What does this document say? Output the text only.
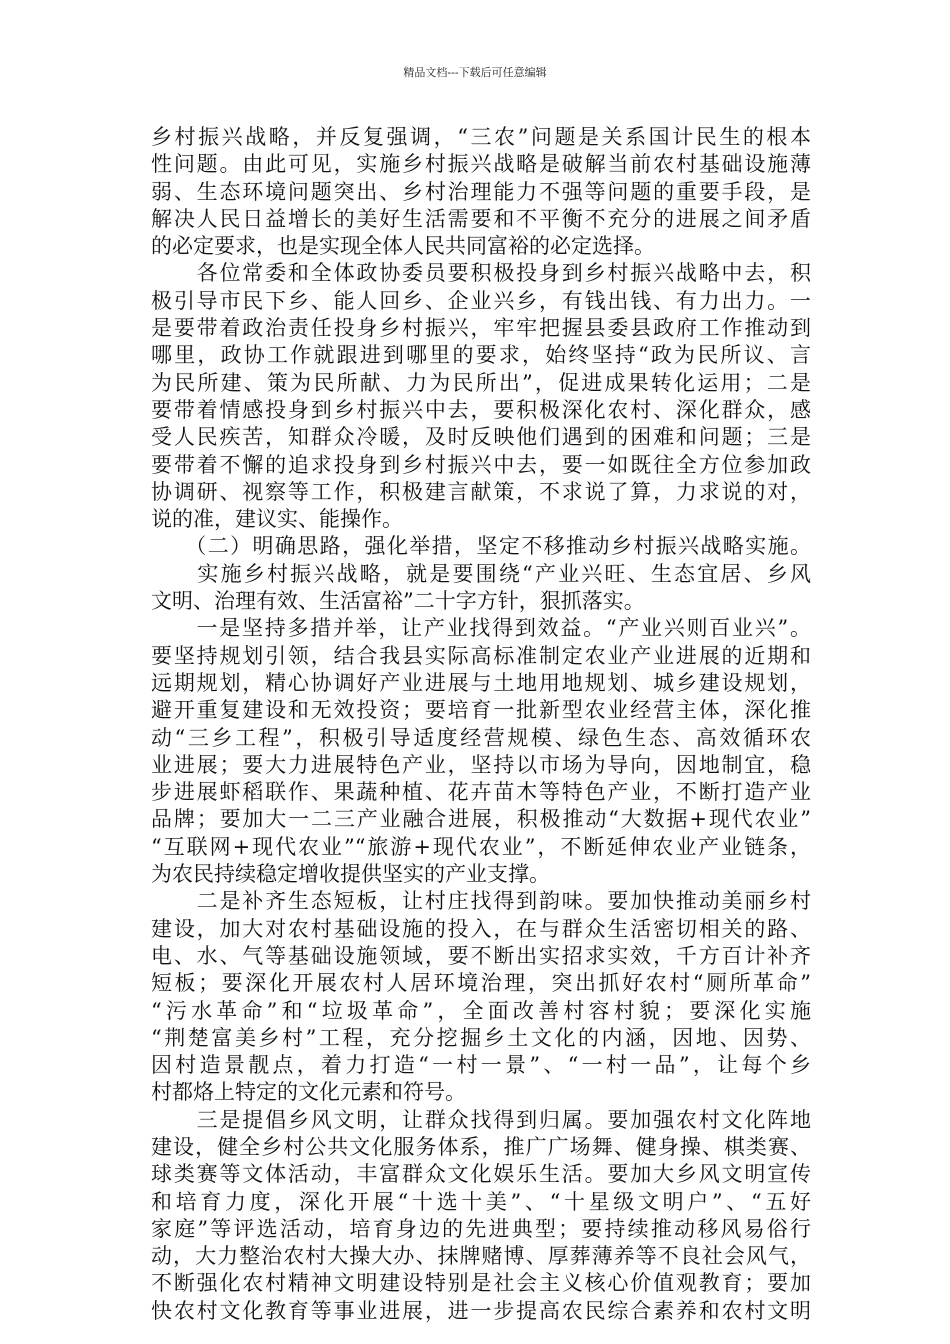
精品文档---下载后可任意编辑
乡村振兴战略，并反复强调，“三农”问题是关系国计民生的根本
性问题。由此可见，实施乡村振兴战略是破解当前农村基础设施薄
弱、生态环境问题突出、乡村治理能力不强等问题的重要手段，是
解决人民日益增长的美好生活需要和不平衡不充分的进展之间矛盾
的必定要求，也是实现全体人民共同富裕的必定选择。
　　各位常委和全体政协委员要积极投身到乡村振兴战略中去，积
极引导市民下乡、能人回乡、企业兴乡，有钱出钱、有力出力。一
是要带着政治责任投身乡村振兴，牢牢把握县委县政府工作推动到
哪里，政协工作就跟进到哪里的要求，始终坚持“政为民所议、言
为民所建、策为民所献、力为民所出”，促进成果转化运用；二是
要带着情感投身到乡村振兴中去，要积极深化农村、深化群众，感
受人民疾苦，知群众冷暖，及时反映他们遇到的困难和问题；三是
要带着不懈的追求投身到乡村振兴中去，要一如既往全方位参加政
协调研、视察等工作，积极建言献策，不求说了算，力求说的对，
说的准，建议实、能操作。
　　（二）明确思路，强化举措，坚定不移推动乡村振兴战略实施。
　　实施乡村振兴战略，就是要围绕“产业兴旺、生态宜居、乡风
文明、治理有效、生活富裕”二十字方针，狠抓落实。
　　一是坚持多措并举，让产业找得到效益。“产业兴则百业兴”。
要坚持规划引领，结合我县实际高标准制定农业产业进展的近期和
远期规划，精心协调好产业进展与土地用地规划、城乡建设规划，
避开重复建设和无效投资；要培育一批新型农业经营主体，深化推
动“三乡工程”，积极引导适度经营规模、绿色生态、高效循环农
业进展；要大力进展特色产业，坚持以市场为导向，因地制宜，稳
步进展虾稻联作、果蔬种植、花卉苗木等特色产业，不断打造产业
品牌；要加大一二三产业融合进展，积极推动“大数据+现代农业”
“互联网+现代农业”“旅游+现代农业”，不断延伸农业产业链条，
为农民持续稳定增收提供坚实的产业支撑。
　　二是补齐生态短板，让村庄找得到韵味。要加快推动美丽乡村
建设，加大对农村基础设施的投入，在与群众生活密切相关的路、
电、水、气等基础设施领域，要不断出实招求实效，千方百计补齐
短板；要深化开展农村人居环境治理，突出抓好农村“厕所革命”
“污水革命”和“垃圾革命”，全面改善村容村貌；要深化实施
“荆楚富美乡村”工程，充分挖掘乡土文化的内涵，因地、因势、
因村造景靓点，着力打造“一村一景”、“一村一品”，让每个乡
村都烙上特定的文化元素和符号。
　　三是提倡乡风文明，让群众找得到归属。要加强农村文化阵地
建设，健全乡村公共文化服务体系，推广广场舞、健身操、棋类赛、
球类赛等文体活动，丰富群众文化娱乐生活。要加大乡风文明宣传
和培育力度，深化开展“十选十美”、“十星级文明户”、“五好
家庭”等评选活动，培育身边的先进典型；要持续推动移风易俗行
动，大力整治农村大操大办、抹牌赌博、厚葬薄养等不良社会风气，
不断强化农村精神文明建设特别是社会主义核心价值观教育；要加
快农村文化教育等事业进展，进一步提高农民综合素养和农村文明
